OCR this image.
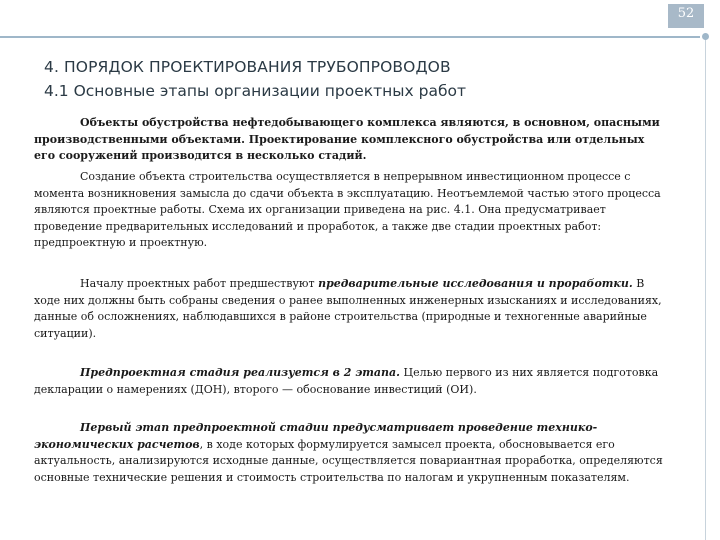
52
4. ПОРЯДОК ПРОЕКТИРОВАНИЯ ТРУБОПРОВОДОВ
4.1 Основные этапы организации проектных работ

Объекты обустройства нефтедобывающего комплекса являются, в основном, опасными производственными объектами. Проектирование комплексного обустройства или отдельных его сооружений производится в несколько стадий.

Создание объекта строительства осуществляется в непрерывном инвестиционном процессе с момента возникновения замысла до сдачи объекта в эксплуатацию. Неотъемлемой частью этого процесса являются проектные работы. Схема их организации приведена на рис. 4.1. Она предусматривает проведение предварительных исследований и проработок, а также две стадии проектных работ: предпроектную и проектную.

Началу проектных работ предшествуют предварительные исследования и проработки. В ходе них должны быть собраны сведения о ранее выполненных инженерных изысканиях и исследованиях, данные об осложнениях, наблюдавшихся в районе строительства (природные и техногенные аварийные ситуации).

Предпроектная стадия реализуется в 2 этапа. Целью первого из них является подготовка декларации о намерениях (ДОН), второго — обоснование инвестиций (ОИ).

Первый этап предпроектной стадии предусматривает проведение технико-экономических расчетов, в ходе которых формулируется замысел проекта, обосновывается его актуальность, анализируются исходные данные, осуществляется повариантная проработка, определяются основные технические решения и стоимость строительства по налогам и укрупненным показателям.
